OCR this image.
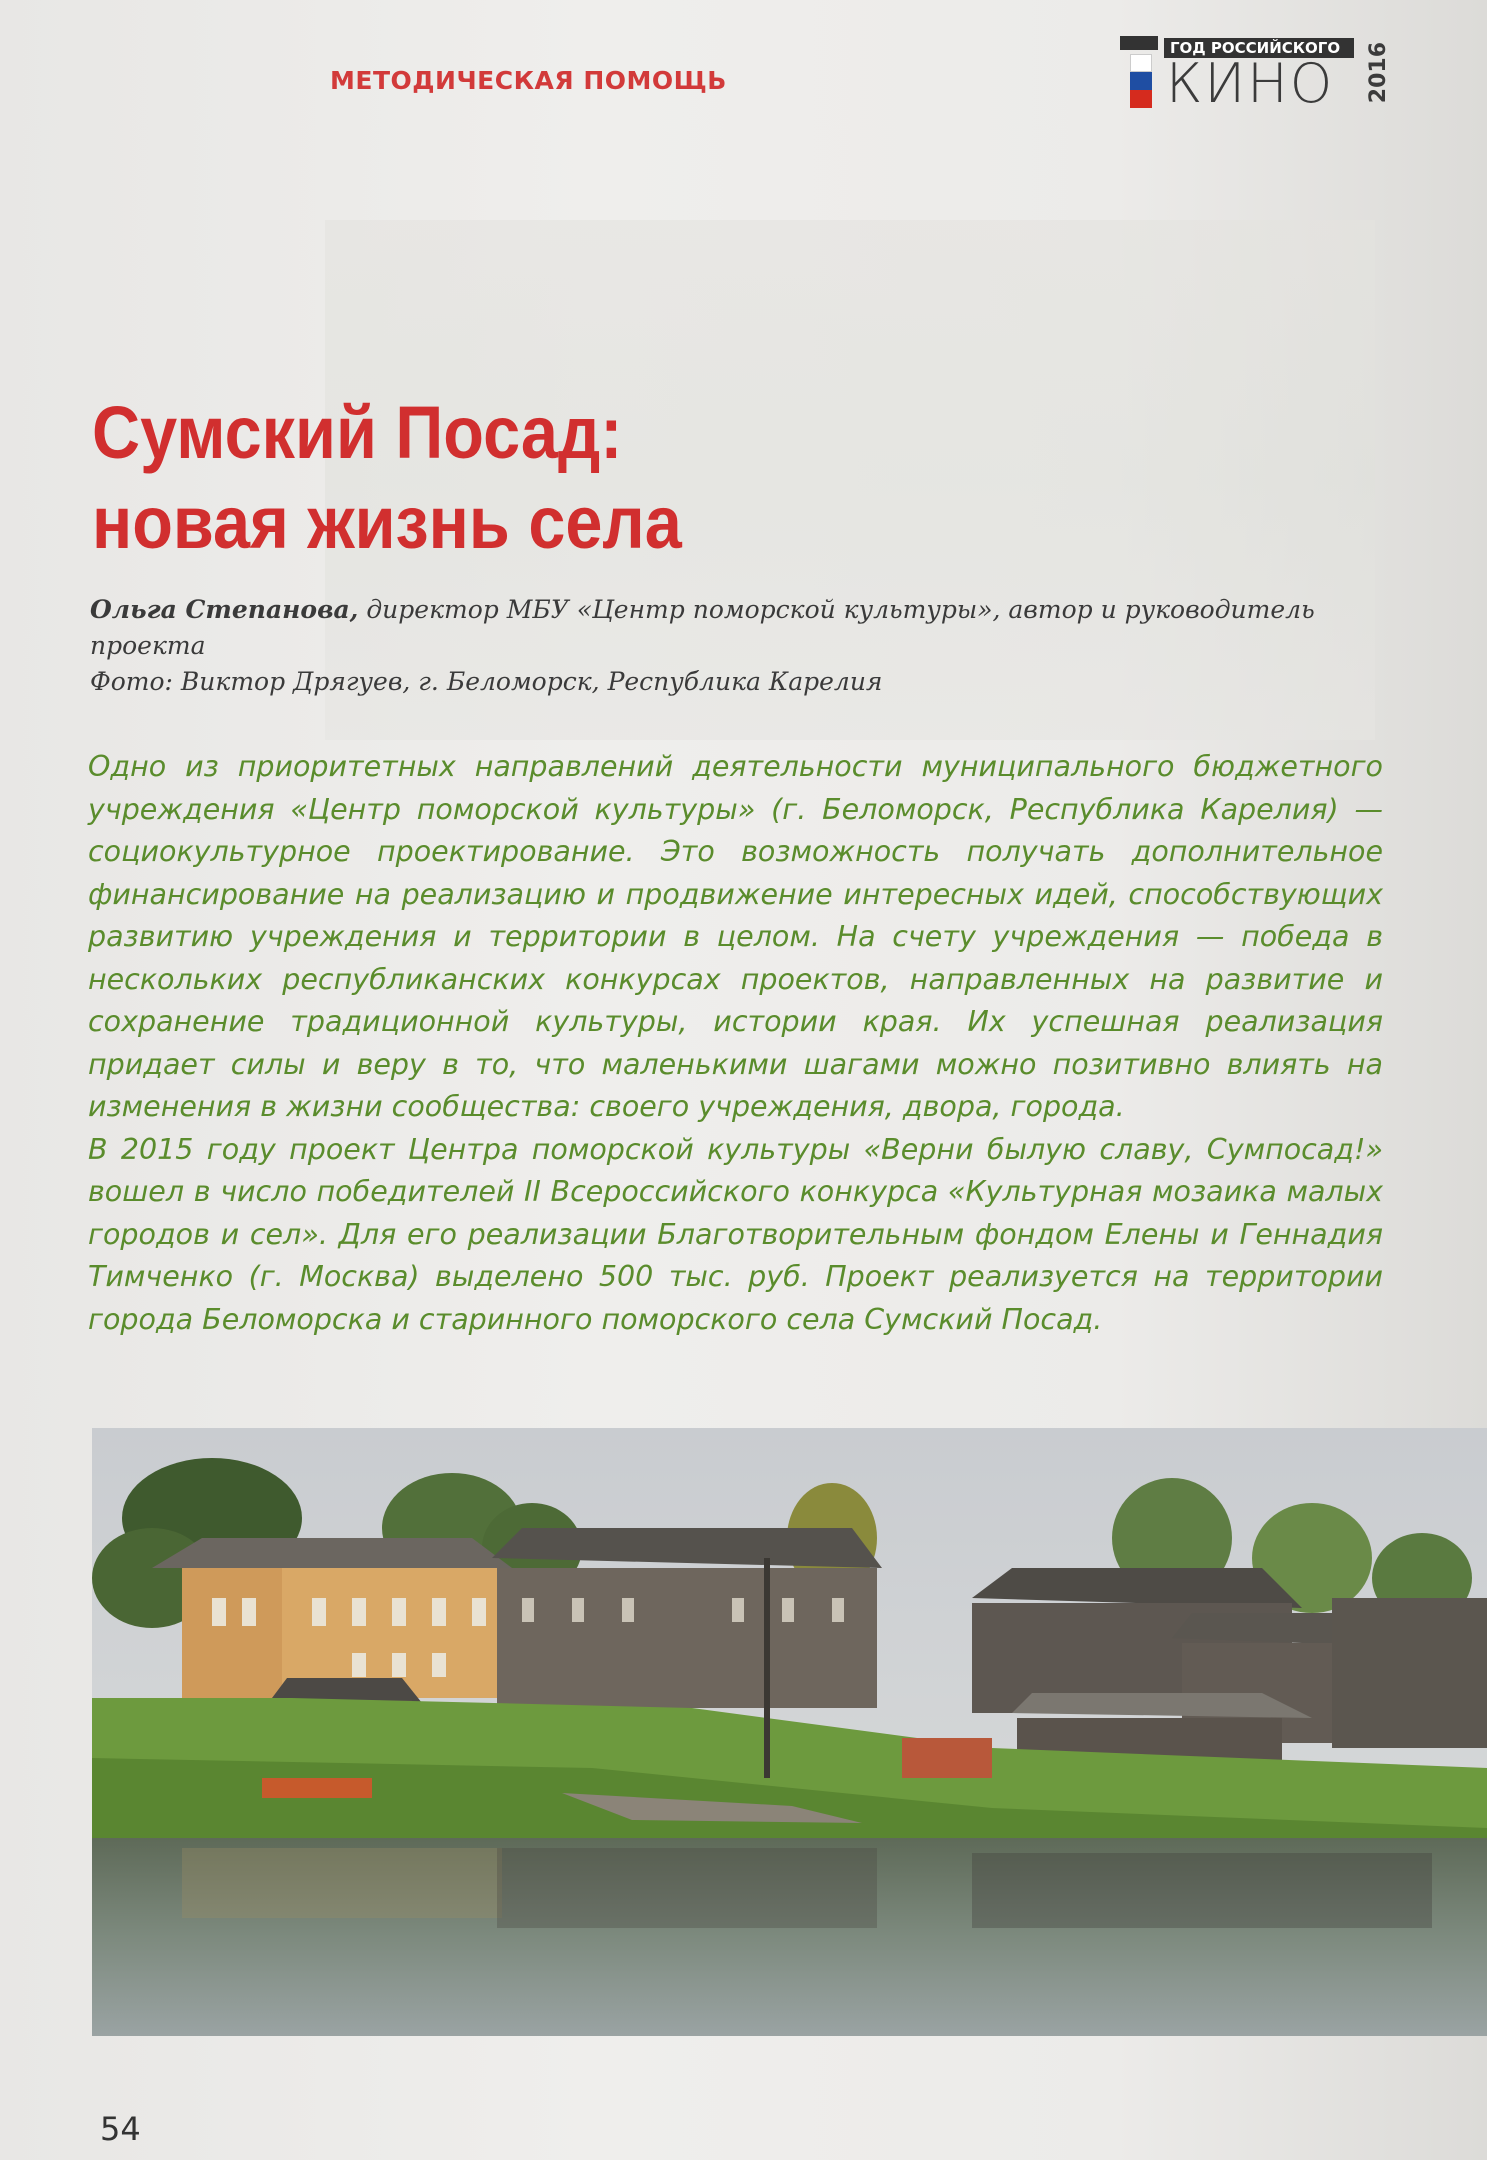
МЕТОДИЧЕСКАЯ ПОМОЩЬ
ГОД РОССИЙСКОГО
КИНО 2016
Сумский Посад:
новая жизнь села
Ольга Степанова, директор МБУ «Центр поморской культуры», автор и руководитель проекта
Фото: Виктор Дрягуев, г. Беломорск, Республика Карелия

Одно из приоритетных направлений деятельности муниципального бюджетного учреждения «Центр поморской культуры» (г. Беломорск, Республика Карелия) — социокультурное проектирование. Это возможность получать дополнительное финансирование на реализацию и продвижение интересных идей, способствующих развитию учреждения и территории в целом. На счету учреждения — победа в нескольких республиканских конкурсах проектов, направленных на развитие и сохранение традиционной культуры, истории края. Их успешная реализация придает силы и веру в то, что маленькими шагами можно позитивно влиять на изменения в жизни сообщества: своего учреждения, двора, города.

В 2015 году проект Центра поморской культуры «Верни былую славу, Сумпосад!» вошел в число победителей II Всероссийского конкурса «Культурная мозаика малых городов и сел». Для его реализации Благотворительным фондом Елены и Геннадия Тимченко (г. Москва) выделено 500 тыс. руб. Проект реализуется на территории города Беломорска и старинного поморского села Сумский Посад.

54
